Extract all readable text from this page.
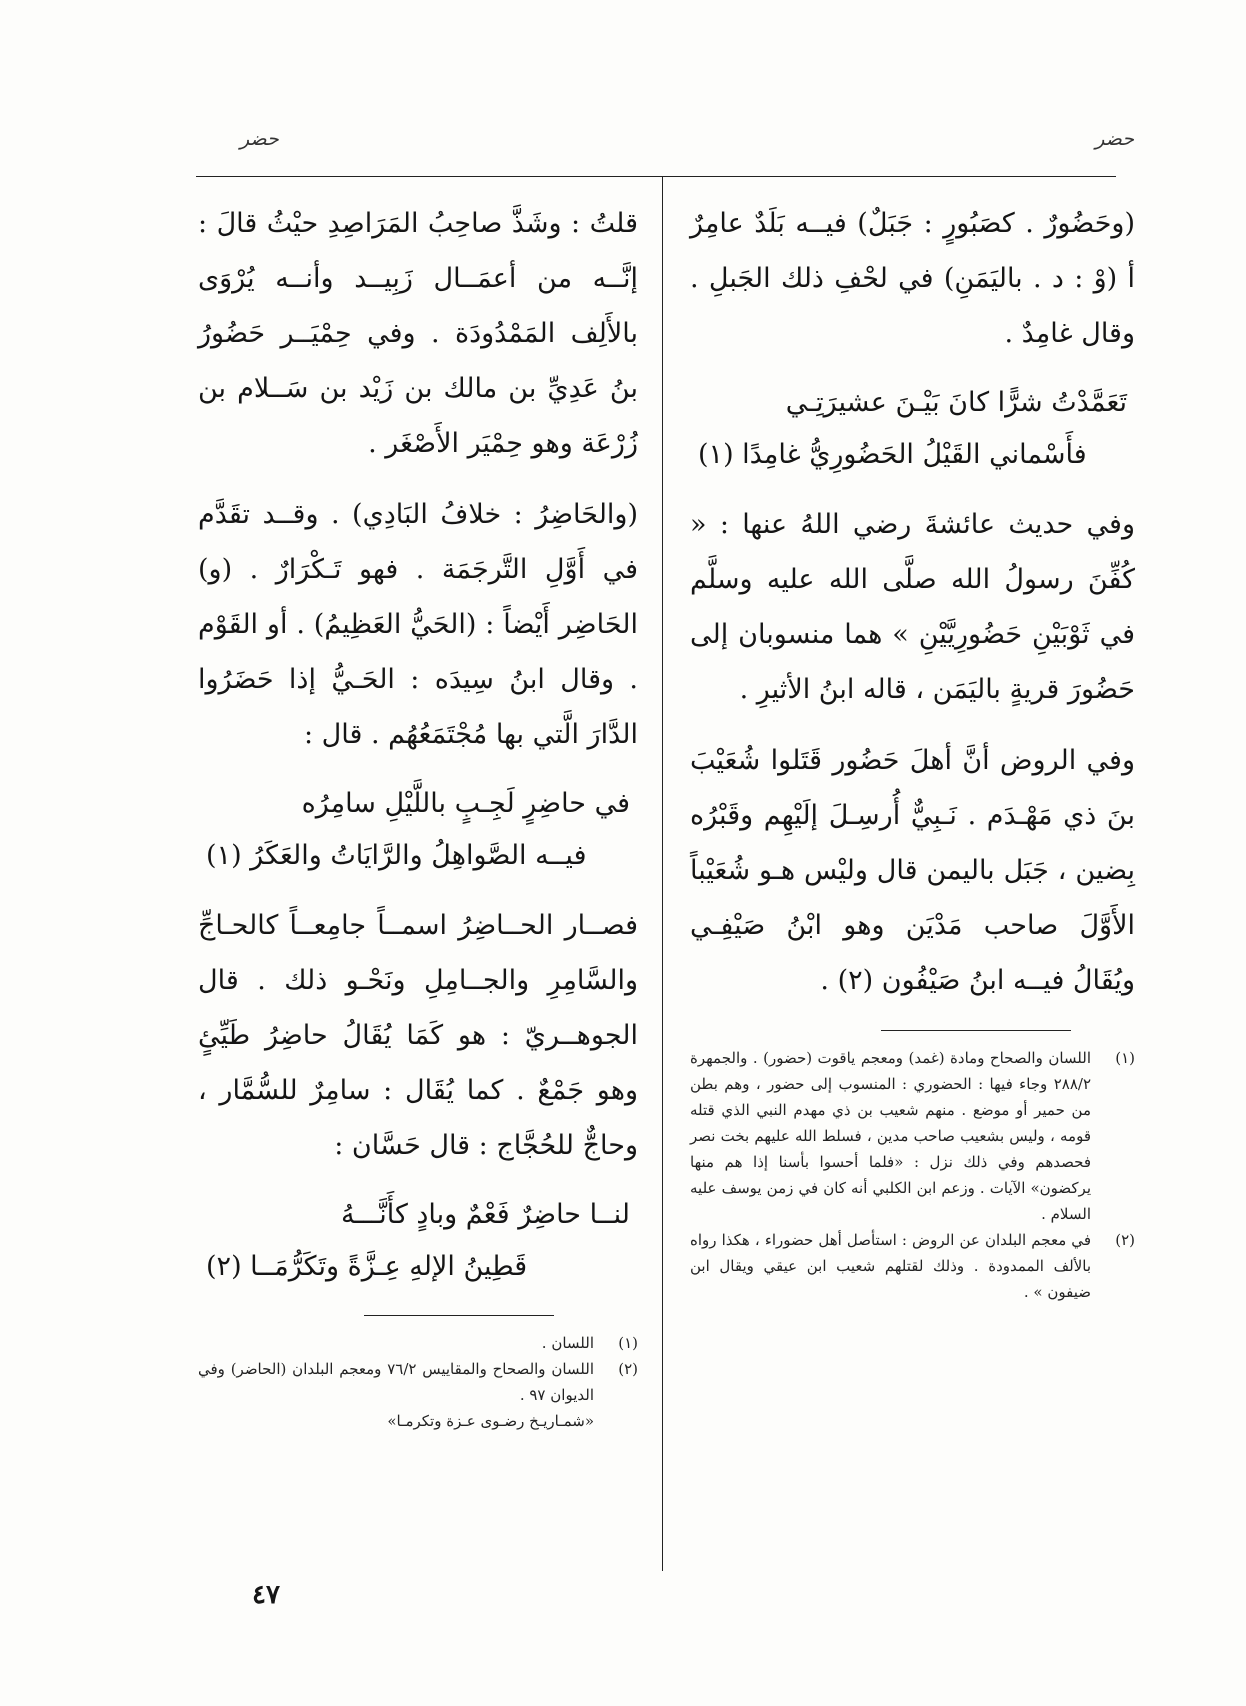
حضر
حضر

(وحَضُورٌ . كصَبُورٍ : جَبَلٌ) فيــه بَلَدٌ عامِرٌ أ (وْ : د . باليَمَنِ) في لحْفِ ذلك الجَبلِ . وقال غامِدٌ .

تَعَمَّدْتُ شرًّا كانَ بَيْـنَ عشيرَتِـي
فأَسْماني القَيْلُ الحَضُورِيُّ غامِدًا (١)

وفي حديث عائشةَ رضي اللهُ عنها : « كُفِّنَ رسولُ الله صلَّى الله عليه وسلَّم في ثَوْبَيْنِ حَضُورِيَّيْنِ » هما منسوبان إلى حَضُورَ قريةٍ باليَمَن ، قاله ابنُ الأثيرِ .

وفي الروض أنَّ أهلَ حَضُور قَتَلوا شُعَيْبَ بنَ ذي مَهْـدَم . نَـبِيٌّ أُرسِـلَ إلَيْهِم وقَبْرُه بِضين ، جَبَل باليمن قال وليْس هـو شُعَيْباً الأَوَّلَ صاحب مَدْيَن وهو ابْنُ صَيْفِـي ويُقَالُ فيــه ابنُ صَيْفُون (٢) .

(١)
اللسان والصحاح ومادة (غمد) ومعجم ياقوت (حضور) . والجمهرة ٢٨٨/٢ وجاء فيها : الحضوري : المنسوب إلى حضور ، وهم بطن من حمير أو موضع . منهم شعيب بن ذي مهدم النبي الذي قتله قومه ، وليس بشعيب صاحب مدين ، فسلط الله عليهم بخت نصر فحصدهم وفي ذلك نزل : «فلما أحسوا بأسنا إذا هم منها يركضون» الآيات . وزعم ابن الكلبي أنه كان في زمن يوسف عليه السلام .
(٢)
في معجم البلدان عن الروض : استأصل أهل حضوراء ، هكذا رواه بالألف الممدودة . وذلك لقتلهم شعيب ابن عيقي ويقال ابن ضيفون » .

قلتُ : وشَذَّ صاحِبُ المَرَاصِدِ حيْثُ قالَ : إنَّــه من أعمَــال زَبِيــد وأنــه يُرْوَى بالأَلِف المَمْدُودَة . وفي حِمْيَــر حَضُورُ بنُ عَدِيِّ بن مالك بن زَيْد بن سَــلام بن زُرْعَة وهو حِمْيَر الأَصْغَر .

(والحَاضِرُ : خلافُ البَادِي) . وقــد تقَدَّم في أَوَّلِ التَّرجَمَة . فهو تَـكْرَارٌ . (و) الحَاضِر أَيْضاً : (الحَيُّ العَظِيمُ) . أو القَوْم . وقال ابنُ سِيدَه : الحَـيُّ إذا حَضَرُوا الدَّارَ الَّتي بها مُجْتَمَعُهُم . قال :

في حاضِرٍ لَجِـبٍ باللَّيْلِ سامِرُه
فيــه الصَّواهِلُ والرَّايَاتُ والعَكَرُ (١)

فصــار الحــاضِرُ اسمــاً جامِعــاً كالحـاجِّ والسَّامِرِ والجــامِلِ ونَحْـو ذلك . قال الجوهــريّ : هو كَمَا يُقَالُ حاضِرُ طَيِّئٍ وهو جَمْعٌ . كما يُقَال : سامِرٌ للسُّمَّار ، وحاجٌّ للحُجَّاج : قال حَسَّان :

لنــا حاضِرٌ فَعْمٌ وبادٍ كأَنَّـــهُ
قَطِينُ الإلهِ عِـزَّةً وتَكَرُّمَــا (٢)
(١)
اللسان .
(٢)
اللسان والصحاح والمقاييس ٧٦/٢ ومعجم البلدان (الحاضر) وفي الديوان ٩٧ .
«شمـاريـخ رضـوى عـزة وتكرمـا»
٤٧
